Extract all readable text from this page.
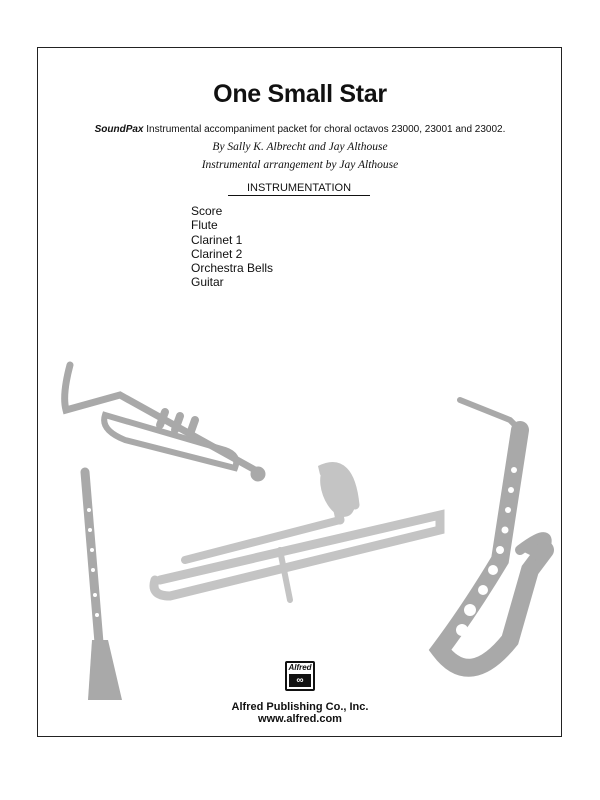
One Small Star
SoundPax Instrumental accompaniment packet for choral octavos 23000, 23001 and 23002.
By Sally K. Albrecht and Jay Althouse
Instrumental arrangement by Jay Althouse
INSTRUMENTATION
Score
Flute
Clarinet 1
Clarinet 2
Orchestra Bells
Guitar
Alfred
∞
Alfred Publishing Co., Inc.
www.alfred.com
